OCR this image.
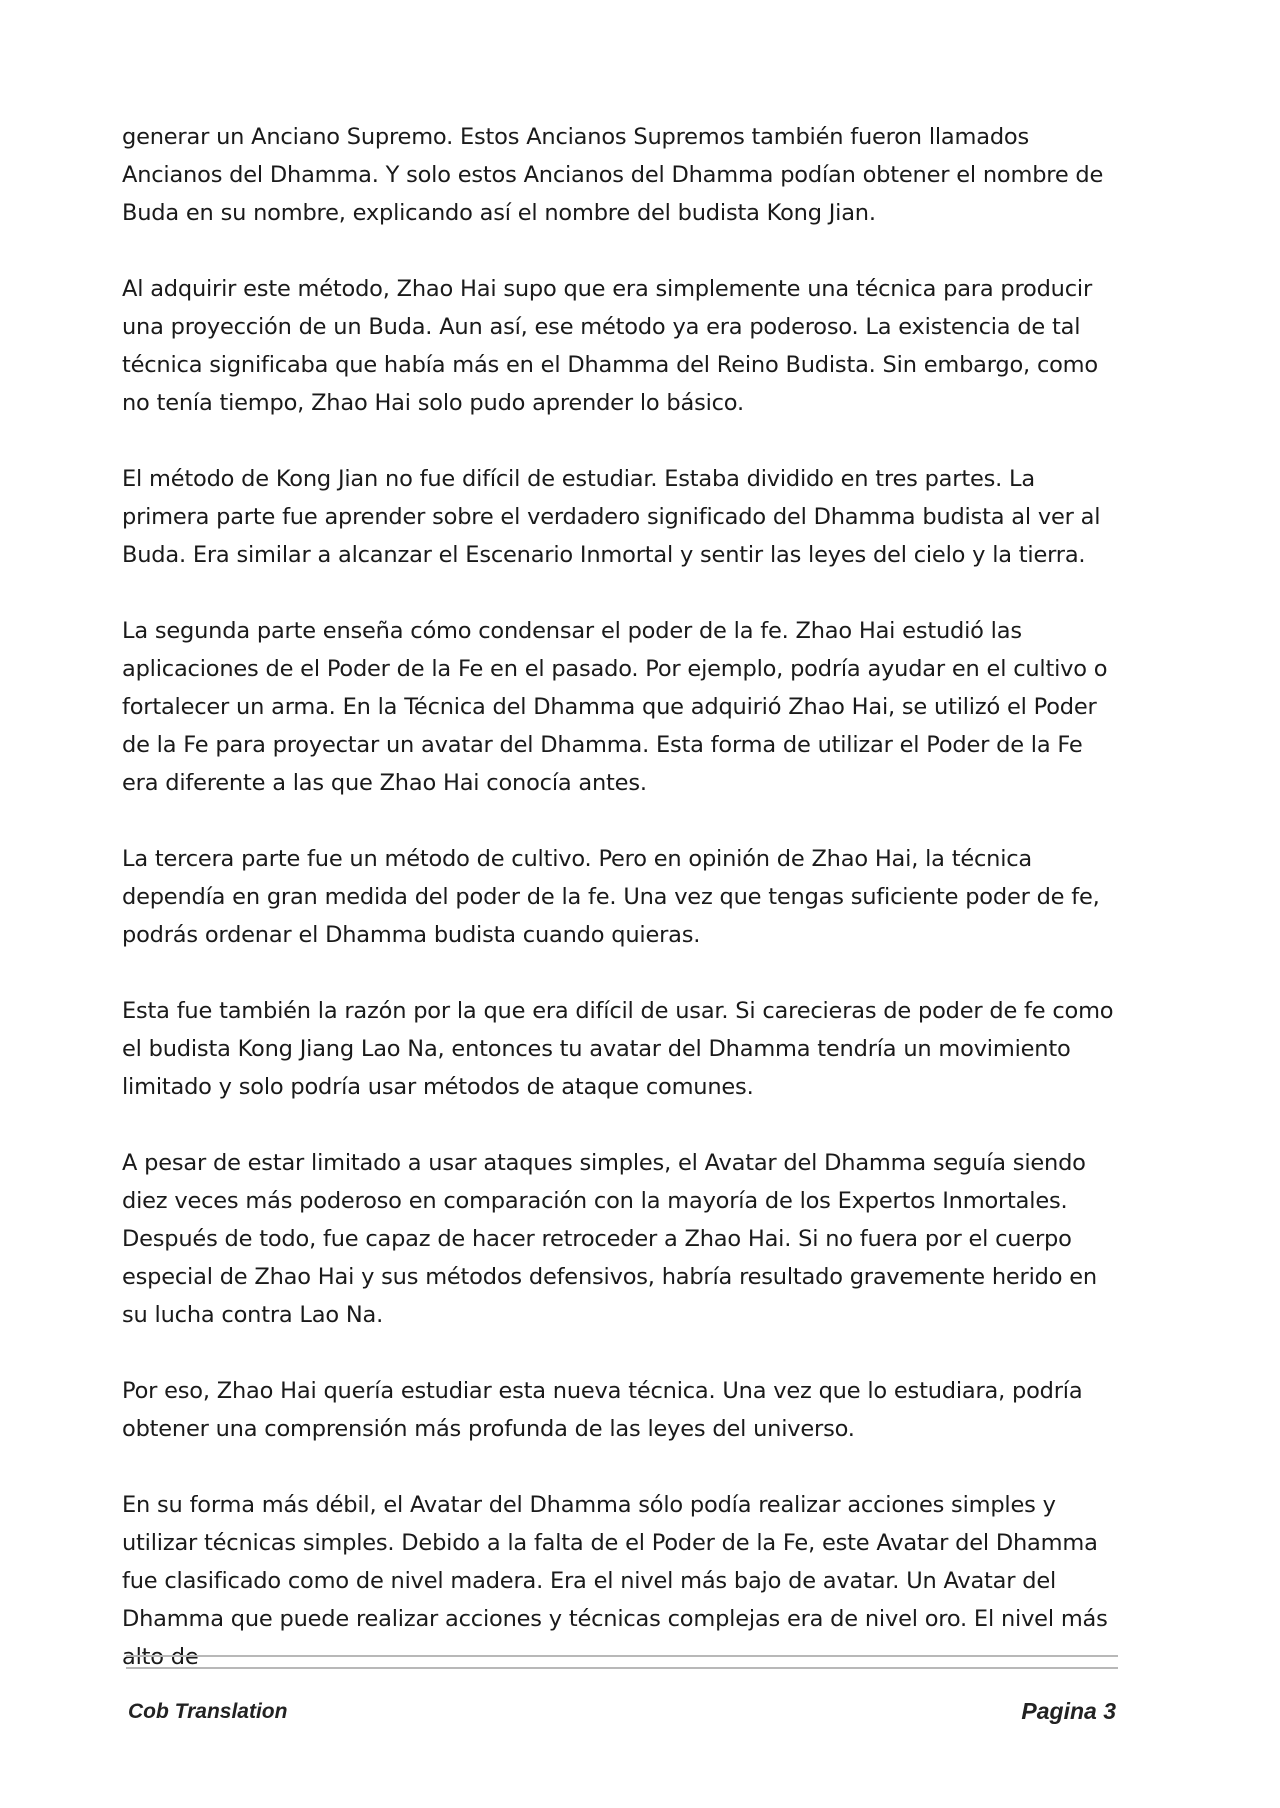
generar un Anciano Supremo. Estos Ancianos Supremos también fueron llamados Ancianos del Dhamma. Y solo estos Ancianos del Dhamma podían obtener el nombre de Buda en su nombre, explicando así el nombre del budista Kong Jian.

Al adquirir este método, Zhao Hai supo que era simplemente una técnica para producir una proyección de un Buda. Aun así, ese método ya era poderoso. La existencia de tal técnica significaba que había más en el Dhamma del Reino Budista. Sin embargo, como no tenía tiempo, Zhao Hai solo pudo aprender lo básico.

El método de Kong Jian no fue difícil de estudiar. Estaba dividido en tres partes. La primera parte fue aprender sobre el verdadero significado del Dhamma budista al ver al Buda. Era similar a alcanzar el Escenario Inmortal y sentir las leyes del cielo y la tierra.

La segunda parte enseña cómo condensar el poder de la fe. Zhao Hai estudió las aplicaciones de el Poder de la Fe en el pasado. Por ejemplo, podría ayudar en el cultivo o fortalecer un arma. En la Técnica del Dhamma que adquirió Zhao Hai, se utilizó el Poder de la Fe para proyectar un avatar del Dhamma. Esta forma de utilizar el Poder de la Fe era diferente a las que Zhao Hai conocía antes.

La tercera parte fue un método de cultivo. Pero en opinión de Zhao Hai, la técnica dependía en gran medida del poder de la fe. Una vez que tengas suficiente poder de fe, podrás ordenar el Dhamma budista cuando quieras.

Esta fue también la razón por la que era difícil de usar. Si carecieras de poder de fe como el budista Kong Jiang Lao Na, entonces tu avatar del Dhamma tendría un movimiento limitado y solo podría usar métodos de ataque comunes.

A pesar de estar limitado a usar ataques simples, el Avatar del Dhamma seguía siendo diez veces más poderoso en comparación con la mayoría de los Expertos Inmortales. Después de todo, fue capaz de hacer retroceder a Zhao Hai. Si no fuera por el cuerpo especial de Zhao Hai y sus métodos defensivos, habría resultado gravemente herido en su lucha contra Lao Na.

Por eso, Zhao Hai quería estudiar esta nueva técnica. Una vez que lo estudiara, podría obtener una comprensión más profunda de las leyes del universo.

En su forma más débil, el Avatar del Dhamma sólo podía realizar acciones simples y utilizar técnicas simples. Debido a la falta de el Poder de la Fe, este Avatar del Dhamma fue clasificado como de nivel madera. Era el nivel más bajo de avatar. Un Avatar del Dhamma que puede realizar acciones y técnicas complejas era de nivel oro. El nivel más alto de

Cob Translation	Pagina 3
